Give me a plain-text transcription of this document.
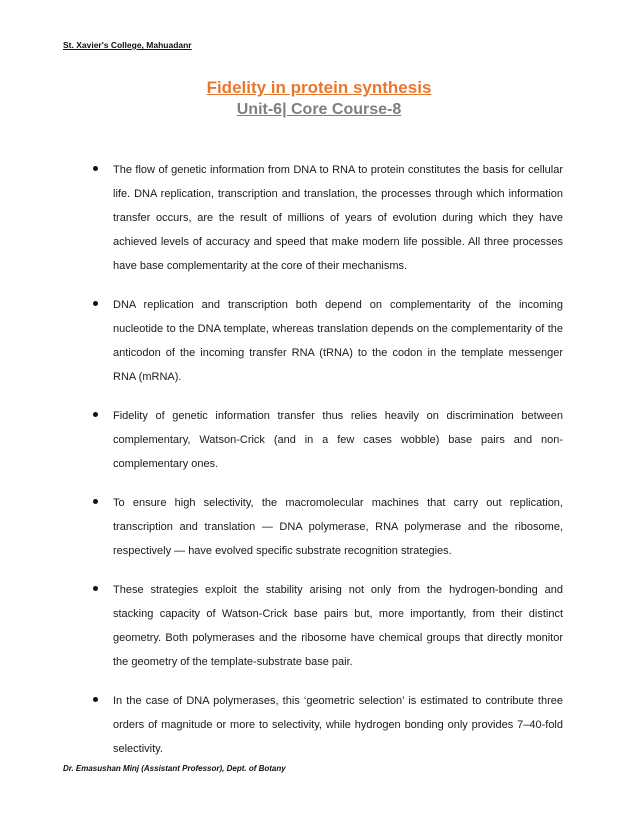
St. Xavier's College, Mahuadanr
Fidelity in protein synthesis
Unit-6| Core Course-8
The flow of genetic information from DNA to RNA to protein constitutes the basis for cellular life. DNA replication, transcription and translation, the processes through which information transfer occurs, are the result of millions of years of evolution during which they have achieved levels of accuracy and speed that make modern life possible. All three processes have base complementarity at the core of their mechanisms.
DNA replication and transcription both depend on complementarity of the incoming nucleotide to the DNA template, whereas translation depends on the complementarity of the anticodon of the incoming transfer RNA (tRNA) to the codon in the template messenger RNA (mRNA).
Fidelity of genetic information transfer thus relies heavily on discrimination between complementary, Watson-Crick (and in a few cases wobble) base pairs and non-complementary ones.
To ensure high selectivity, the macromolecular machines that carry out replication, transcription and translation — DNA polymerase, RNA polymerase and the ribosome, respectively — have evolved specific substrate recognition strategies.
These strategies exploit the stability arising not only from the hydrogen-bonding and stacking capacity of Watson-Crick base pairs but, more importantly, from their distinct geometry. Both polymerases and the ribosome have chemical groups that directly monitor the geometry of the template-substrate base pair.
In the case of DNA polymerases, this ‘geometric selection’ is estimated to contribute three orders of magnitude or more to selectivity, while hydrogen bonding only provides 7–40-fold selectivity.
Dr. Emasushan Minj (Assistant Professor), Dept. of Botany
